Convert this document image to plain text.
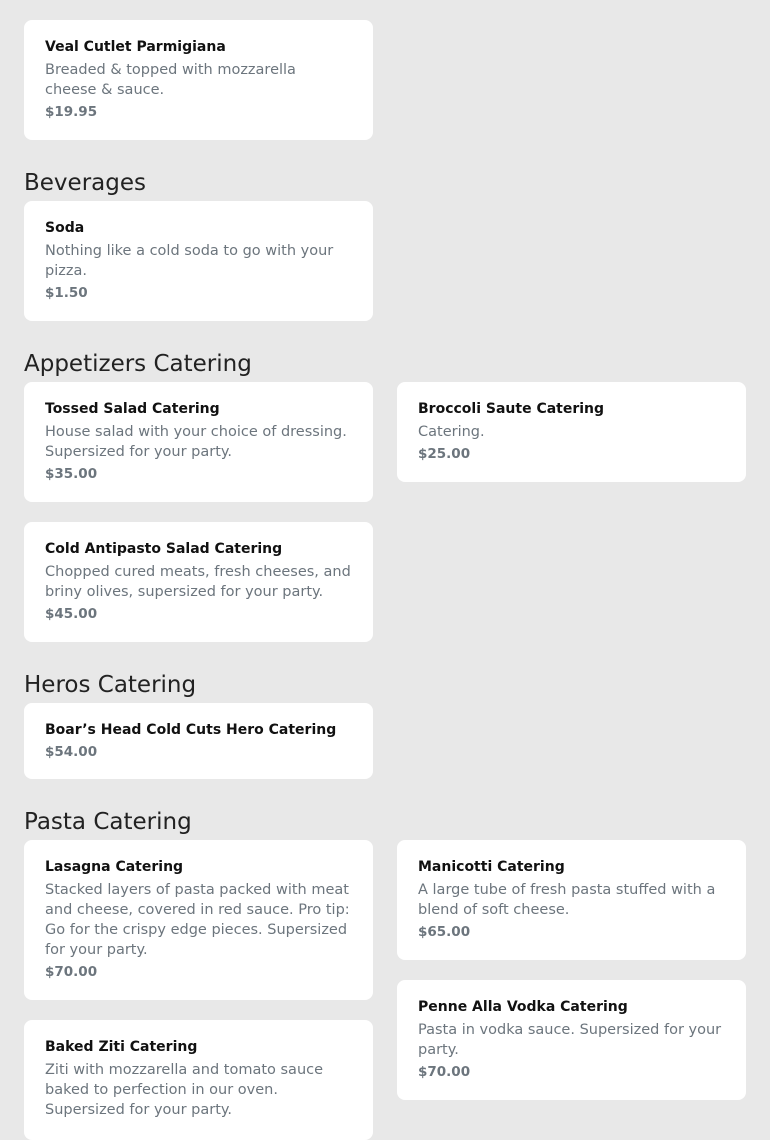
Veal Cutlet Parmigiana
Breaded & topped with mozzarella cheese & sauce.
$19.95
Beverages
Soda
Nothing like a cold soda to go with your pizza.
$1.50
Appetizers Catering
Tossed Salad Catering
House salad with your choice of dressing. Supersized for your party.
$35.00
Broccoli Saute Catering
Catering.
$25.00
Cold Antipasto Salad Catering
Chopped cured meats, fresh cheeses, and briny olives, supersized for your party.
$45.00
Heros Catering
Boar’s Head Cold Cuts Hero Catering
$54.00
Pasta Catering
Lasagna Catering
Stacked layers of pasta packed with meat and cheese, covered in red sauce. Pro tip: Go for the crispy edge pieces. Supersized for your party.
$70.00
Manicotti Catering
A large tube of fresh pasta stuffed with a blend of soft cheese.
$65.00
Penne Alla Vodka Catering
Pasta in vodka sauce. Supersized for your party.
$70.00
Baked Ziti Catering
Ziti with mozzarella and tomato sauce baked to perfection in our oven. Supersized for your party.
